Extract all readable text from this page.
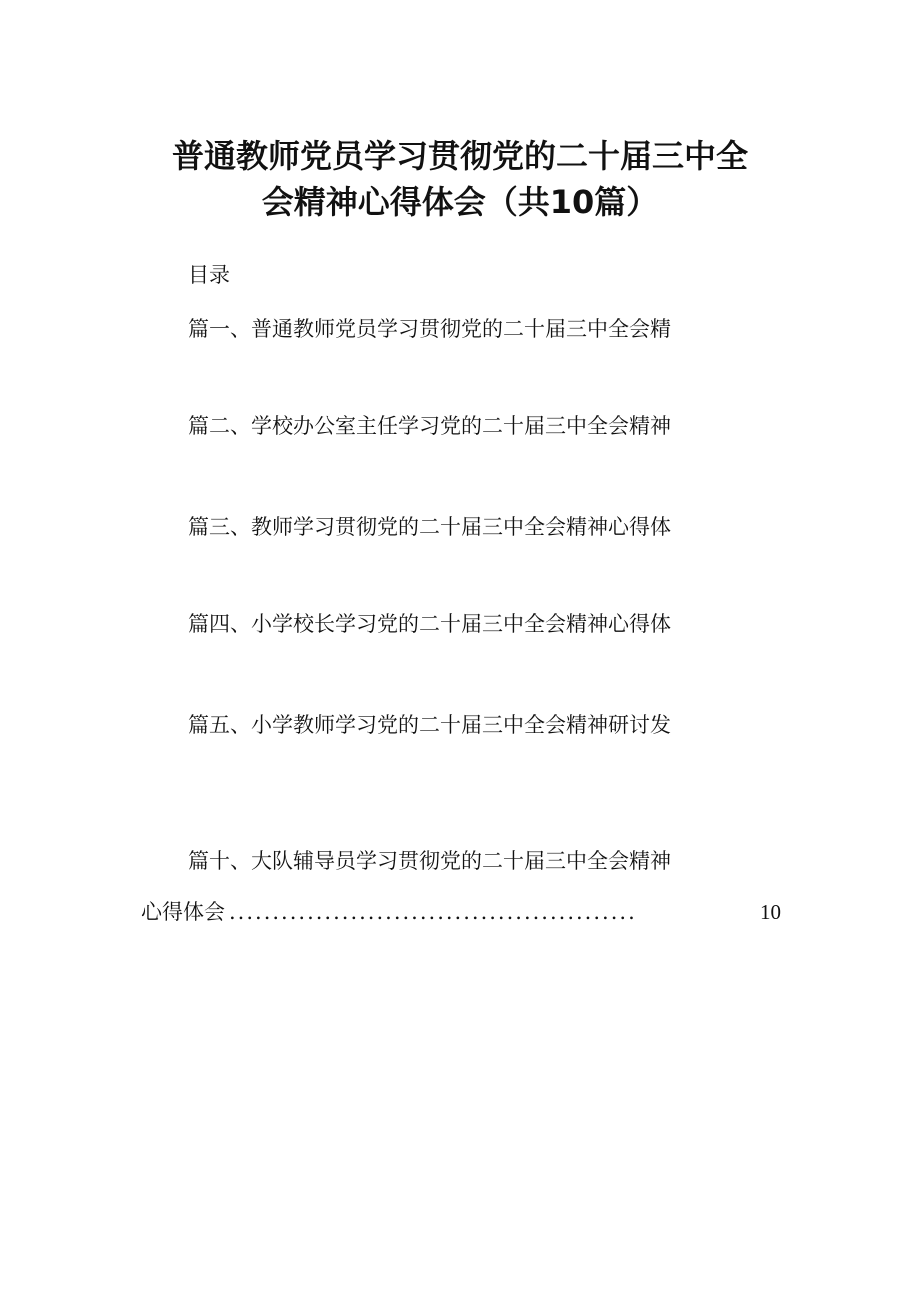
普通教师党员学习贯彻党的二十届三中全
会精神心得体会（共10篇）
目录
篇一、普通教师党员学习贯彻党的二十届三中全会精
篇二、学校办公室主任学习党的二十届三中全会精神
篇三、教师学习贯彻党的二十届三中全会精神心得体
篇四、小学校长学习党的二十届三中全会精神心得体
篇五、小学教师学习党的二十届三中全会精神研讨发
篇十、大队辅导员学习贯彻党的二十届三中全会精神
心得体会 ...............................................	10
